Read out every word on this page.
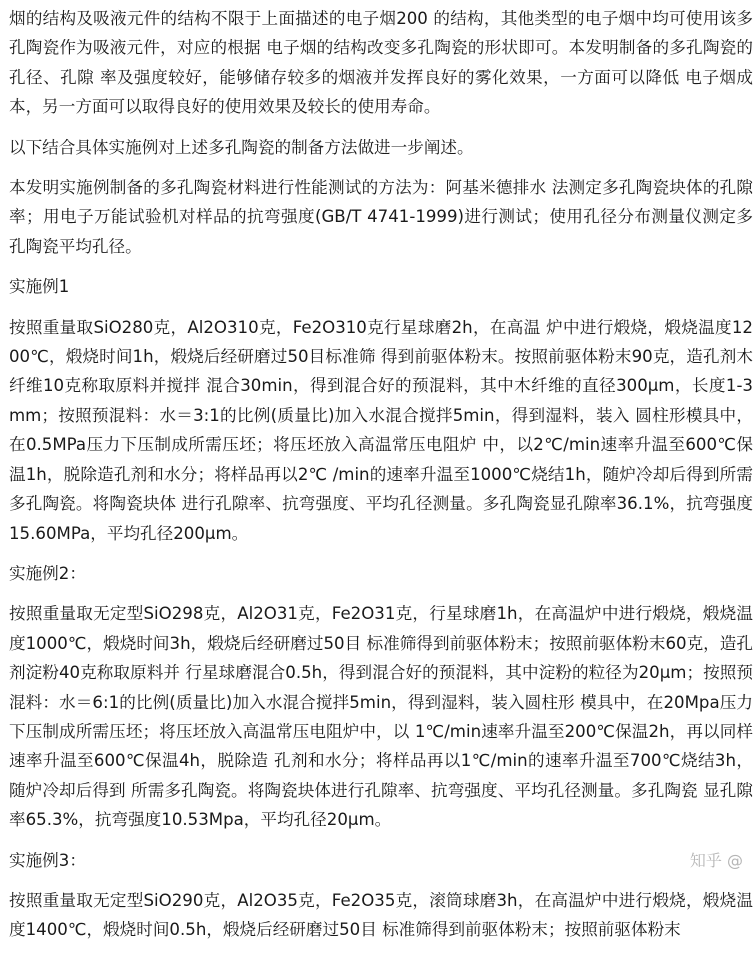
烟的结构及吸液元件的结构不限于上面描述的电子烟200 的结构，其他类型的电子烟中均可使用该多孔陶瓷作为吸液元件，对应的根据 电子烟的结构改变多孔陶瓷的形状即可。本发明制备的多孔陶瓷的孔径、孔隙 率及强度较好，能够储存较多的烟液并发挥良好的雾化效果，一方面可以降低 电子烟成本，另一方面可以取得良好的使用效果及较长的使用寿命。

以下结合具体实施例对上述多孔陶瓷的制备方法做进一步阐述。

本发明实施例制备的多孔陶瓷材料进行性能测试的方法为：阿基米德排水 法测定多孔陶瓷块体的孔隙率；用电子万能试验机对样品的抗弯强度(GB/T 4741-1999)进行测试；使用孔径分布测量仪测定多孔陶瓷平均孔径。

实施例1

按照重量取SiO280克，Al2O310克，Fe2O310克行星球磨2h，在高温 炉中进行煅烧，煅烧温度1200℃，煅烧时间1h，煅烧后经研磨过50目标准筛 得到前驱体粉末。按照前驱体粉末90克，造孔剂木纤维10克称取原料并搅拌 混合30min，得到混合好的预混料，其中木纤维的直径300μm，长度1-3mm；按照预混料：水＝3:1的比例(质量比)加入水混合搅拌5min，得到湿料，装入 圆柱形模具中，在0.5MPa压力下压制成所需压坯；将压坯放入高温常压电阻炉 中，以2℃/min速率升温至600℃保温1h，脱除造孔剂和水分；将样品再以2℃ /min的速率升温至1000℃烧结1h，随炉冷却后得到所需多孔陶瓷。将陶瓷块体 进行孔隙率、抗弯强度、平均孔径测量。多孔陶瓷显孔隙率36.1%，抗弯强度 15.60MPa，平均孔径200μm。

实施例2：

按照重量取无定型SiO298克，Al2O31克，Fe2O31克，行星球磨1h，在高温炉中进行煅烧，煅烧温度1000℃，煅烧时间3h，煅烧后经研磨过50目 标准筛得到前驱体粉末；按照前驱体粉末60克，造孔剂淀粉40克称取原料并 行星球磨混合0.5h，得到混合好的预混料，其中淀粉的粒径为20μm；按照预 混料：水＝6:1的比例(质量比)加入水混合搅拌5min，得到湿料，装入圆柱形 模具中，在20Mpa压力下压制成所需压坯；将压坯放入高温常压电阻炉中，以 1℃/min速率升温至200℃保温2h，再以同样速率升温至600℃保温4h，脱除造 孔剂和水分；将样品再以1℃/min的速率升温至700℃烧结3h，随炉冷却后得到 所需多孔陶瓷。将陶瓷块体进行孔隙率、抗弯强度、平均孔径测量。多孔陶瓷 显孔隙率65.3%，抗弯强度10.53Mpa，平均孔径20μm。

实施例3：

按照重量取无定型SiO290克，Al2O35克，Fe2O35克，滚筒球磨3h，在高温炉中进行煅烧，煅烧温度1400℃，煅烧时间0.5h，煅烧后经研磨过50目 标准筛得到前驱体粉末；按照前驱体粉末

知乎 @
